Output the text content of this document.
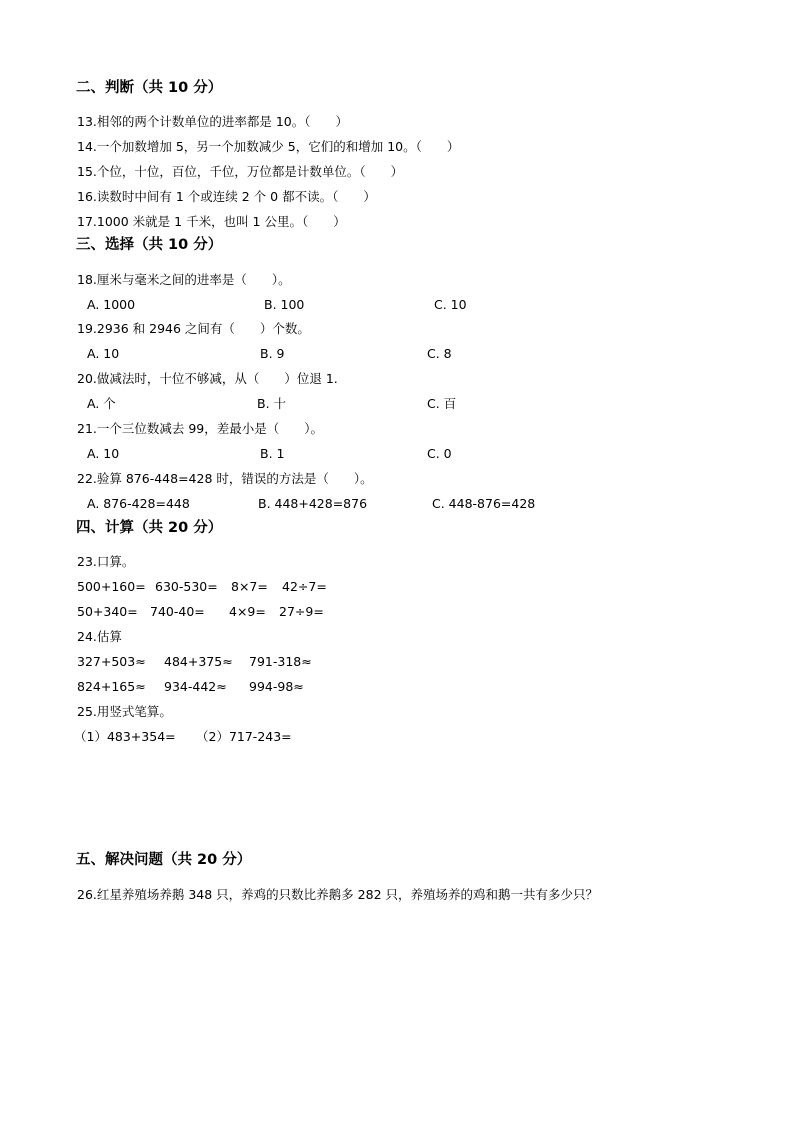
二、判断（共 10 分）
13.相邻的两个计数单位的进率都是 10。（　　）
14.一个加数增加 5，另一个加数减少 5，它们的和增加 10。（　　）
15.个位，十位，百位，千位，万位都是计数单位。（　　）
16.读数时中间有 1 个或连续 2 个 0 都不读。（　　）
17.1000 米就是 1 千米，也叫 1 公里。（　　）
三、选择（共 10 分）
18.厘米与毫米之间的进率是（　　）。
A. 1000	B. 100	C. 10
19.2936 和 2946 之间有（　　）个数。
A. 10	B. 9	C. 8
20.做减法时，十位不够减，从（　　）位退 1.
A. 个	B. 十	C. 百
21.一个三位数减去 99，差最小是（　　）。
A. 10	B. 1	C. 0
22.验算 876-448=428 时，错误的方法是（　　）。
A. 876-428=448	B. 448+428=876	C. 448-876=428
四、计算（共 20 分）
23.口算。
500+160= 630-530= 8×7= 42÷7=
50+340= 740-40= 4×9= 27÷9=
24.估算
327+503≈ 484+375≈ 791-318≈
824+165≈ 934-442≈ 994-98≈
25.用竖式笔算。
（1）483+354= （2）717-243=
五、解决问题（共 20 分）
26.红星养殖场养鹅 348 只，养鸡的只数比养鹅多 282 只，养殖场养的鸡和鹅一共有多少只？
